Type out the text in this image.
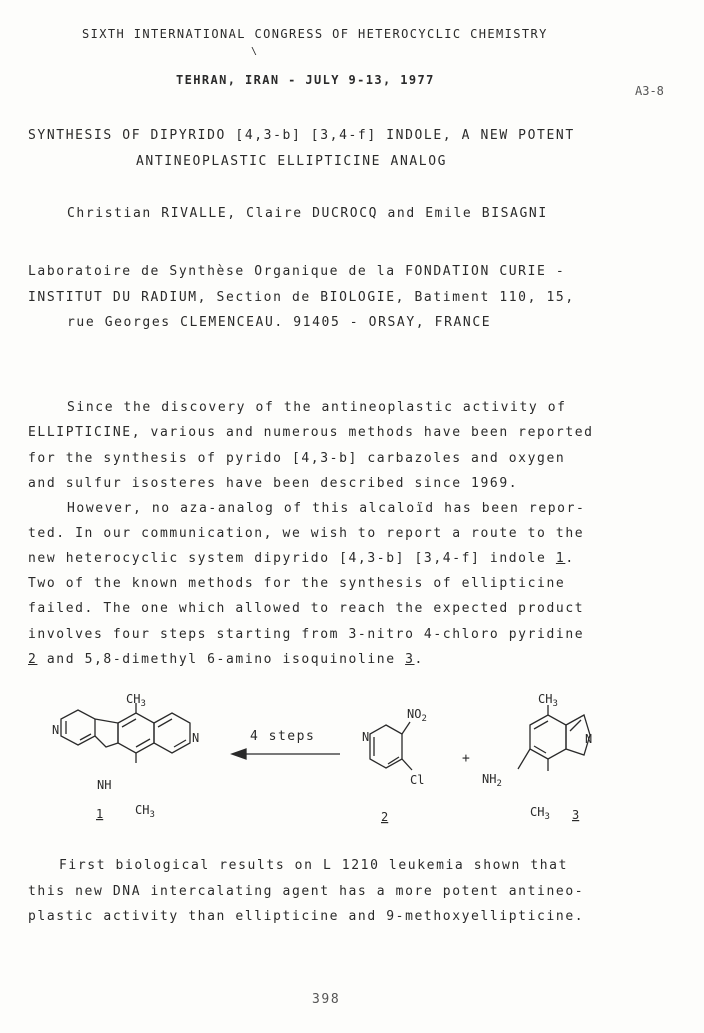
SIXTH INTERNATIONAL CONGRESS OF HETEROCYCLIC CHEMISTRY
\
TEHRAN, IRAN - JULY 9-13, 1977
A3-8
SYNTHESIS OF DIPYRIDO [4,3-b] [3,4-f] INDOLE, A NEW POTENT
ANTINEOPLASTIC ELLIPTICINE ANALOG
Christian RIVALLE, Claire DUCROCQ and Emile BISAGNI
Laboratoire de Synthèse Organique de la FONDATION CURIE -
INSTITUT DU RADIUM, Section de BIOLOGIE, Batiment 110, 15,
rue Georges CLEMENCEAU. 91405 - ORSAY, FRANCE
Since the discovery of the antineoplastic activity of
ELLIPTICINE, various and numerous methods have been reported
for the synthesis of pyrido [4,3-b] carbazoles and oxygen
and sulfur isosteres have been described since 1969.
However, no aza-analog of this alcaloïd has been repor-
ted. In our communication, we wish to report a route to the
new heterocyclic system dipyrido [4,3-b] [3,4-f] indole 1.
Two of the known methods for the synthesis of ellipticine
failed. The one which allowed to reach the expected product
involves four steps starting from 3-nitro 4-chloro pyridine
2 and 5,8-dimethyl 6-amino isoquinoline 3.
$CH_3$
N
N
NH
$CH_3$
1
4 steps	N
$NO_2$
Cl
2
+
$CH_3$
N
$NH_2$
$CH_3$ 3
First biological results on L 1210 leukemia shown that
this new DNA intercalating agent has a more potent antineo-
plastic activity than ellipticine and 9-methoxyellipticine.
398
